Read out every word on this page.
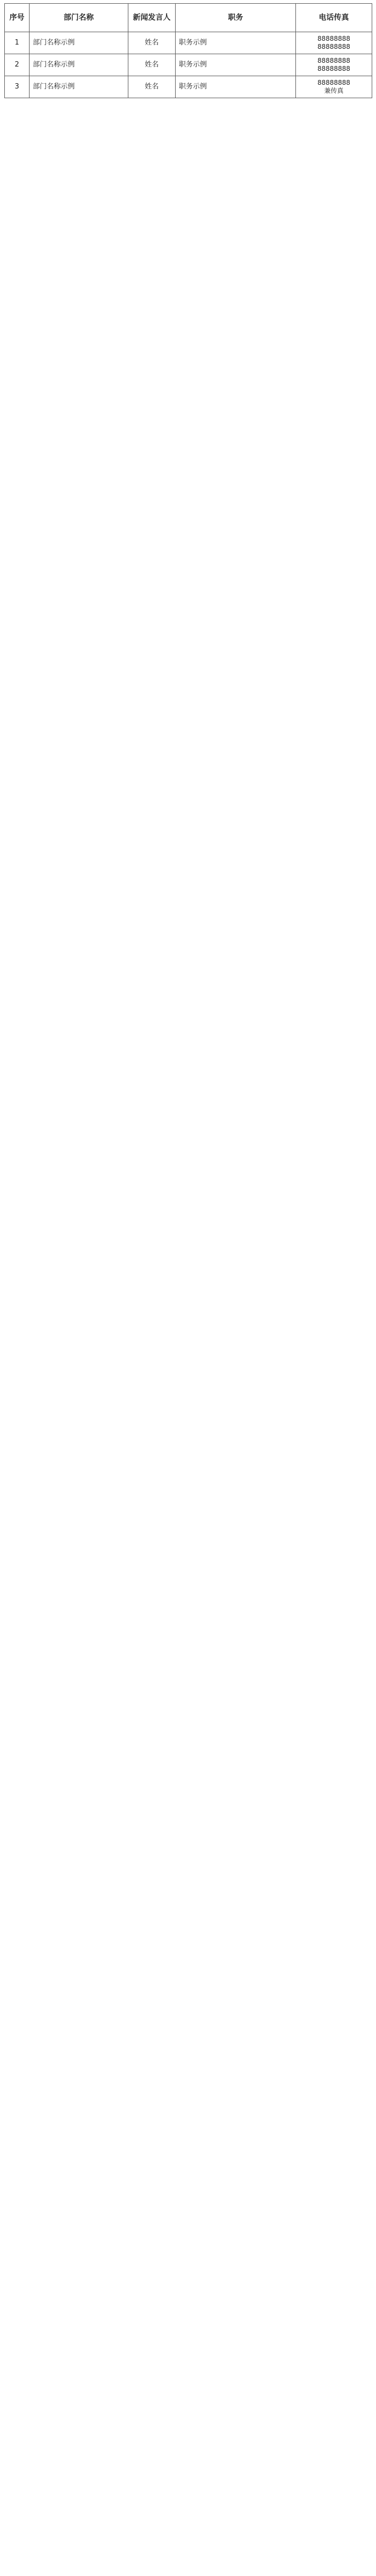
序号	部门名称	新闻发言人	职务	电话传真
1	部门名称示例	姓名	职务示例	88888888
88888888

2	部门名称示例	姓名	职务示例	88888888
88888888

3	部门名称示例	姓名	职务示例	88888888
兼传真
